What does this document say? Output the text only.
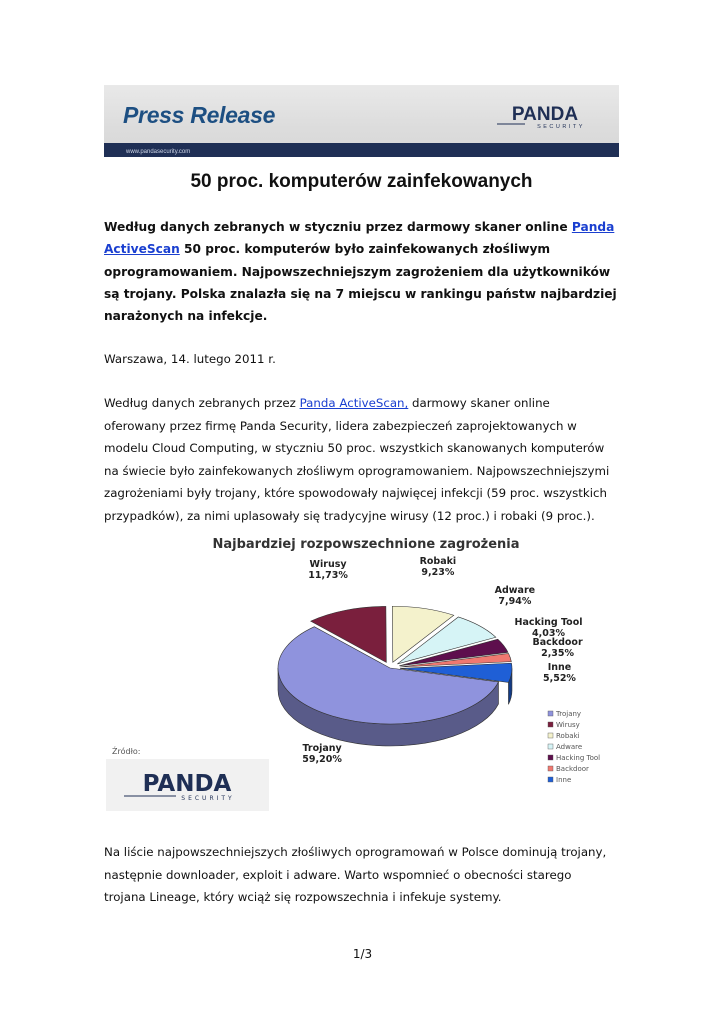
Press Release	PANDA
SECURITY
www.pandasecurity.com
50 proc. komputerów zainfekowanych
Według danych zebranych w styczniu przez darmowy skaner online Panda ActiveScan 50 proc. komputerów było zainfekowanych złośliwym oprogramowaniem. Najpowszechniejszym zagrożeniem dla użytkowników są trojany. Polska znalazła się na 7 miejscu w rankingu państw najbardziej narażonych na infekcje.
Warszawa, 14. lutego 2011 r.
Według danych zebranych przez Panda ActiveScan, darmowy skaner online oferowany przez firmę Panda Security, lidera zabezpieczeń zaprojektowanych w modelu Cloud Computing, w styczniu 50 proc. wszystkich skanowanych komputerów na świecie było zainfekowanych złośliwym oprogramowaniem. Najpowszechniejszymi zagrożeniami były trojany, które spowodowały najwięcej infekcji (59 proc. wszystkich przypadków), za nimi uplasowały się tradycyjne wirusy (12 proc.) i robaki (9 proc.).
Najbardziej rozpowszechnione zagrożenia
Trojany
59,20%
Wirusy
11,73%
Robaki
9,23%
Adware
7,94%
Hacking Tool
4,03%
Backdoor
2,35%
Inne
5,52%
Trojany
Wirusy
Robaki
Adware
Hacking Tool
Backdoor
Inne
Źródło:
PANDA
SECURITY
Na liście najpowszechniejszych złośliwych oprogramowań w Polsce dominują trojany, następnie downloader, exploit i adware. Warto wspomnieć o obecności starego trojana Lineage, który wciąż się rozpowszechnia i infekuje systemy.
1/3
